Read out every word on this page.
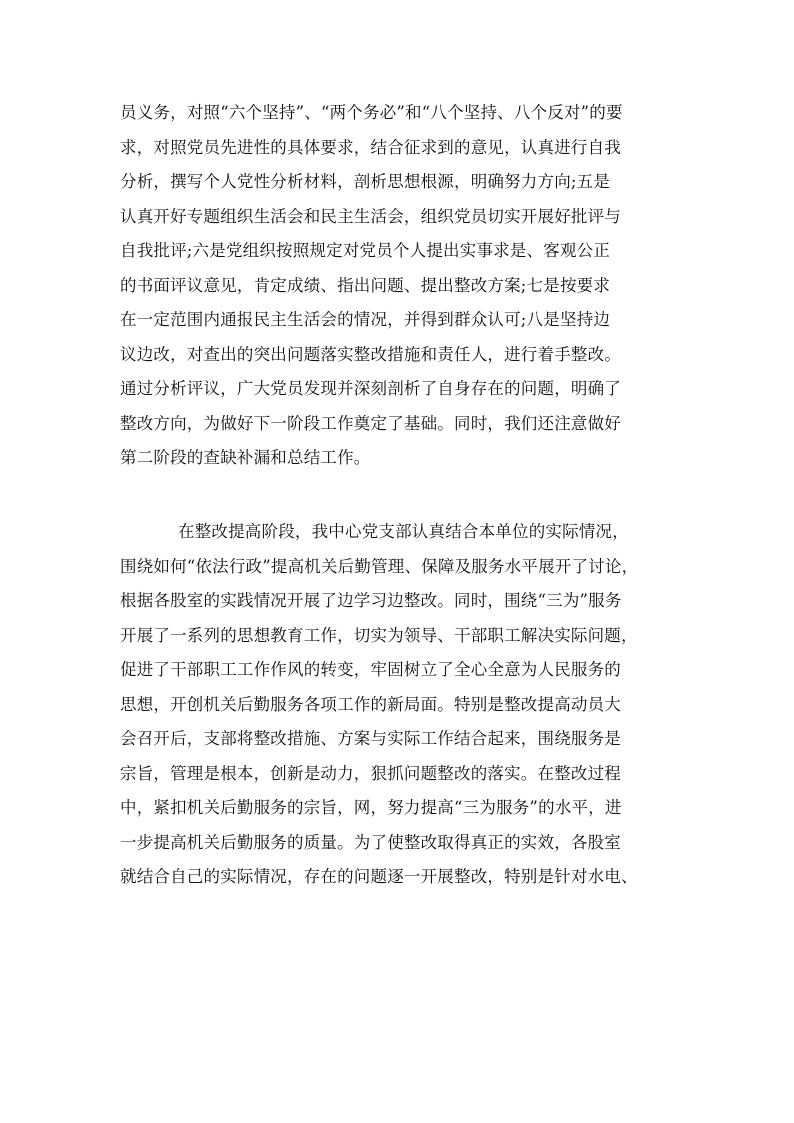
员义务，对照“六个坚持”、“两个务必”和“八个坚持、八个反对”的要
求，对照党员先进性的具体要求，结合征求到的意见，认真进行自我
分析，撰写个人党性分析材料，剖析思想根源，明确努力方向;五是
认真开好专题组织生活会和民主生活会，组织党员切实开展好批评与
自我批评;六是党组织按照规定对党员个人提出实事求是、客观公正
的书面评议意见，肯定成绩、指出问题、提出整改方案;七是按要求
在一定范围内通报民主生活会的情况，并得到群众认可;八是坚持边
议边改，对查出的突出问题落实整改措施和责任人，进行着手整改。
通过分析评议，广大党员发现并深刻剖析了自身存在的问题，明确了
整改方向，为做好下一阶段工作奠定了基础。同时，我们还注意做好
第二阶段的查缺补漏和总结工作。
在整改提高阶段，我中心党支部认真结合本单位的实际情况，
围绕如何“依法行政”提高机关后勤管理、保障及服务水平展开了讨论，
根据各股室的实践情况开展了边学习边整改。同时，围绕“三为”服务
开展了一系列的思想教育工作，切实为领导、干部职工解决实际问题，
促进了干部职工工作作风的转变，牢固树立了全心全意为人民服务的
思想，开创机关后勤服务各项工作的新局面。特别是整改提高动员大
会召开后，支部将整改措施、方案与实际工作结合起来，围绕服务是
宗旨，管理是根本，创新是动力，狠抓问题整改的落实。在整改过程
中，紧扣机关后勤服务的宗旨，网，努力提高“三为服务”的水平，进
一步提高机关后勤服务的质量。为了使整改取得真正的实效，各股室
就结合自己的实际情况，存在的问题逐一开展整改，特别是针对水电、
